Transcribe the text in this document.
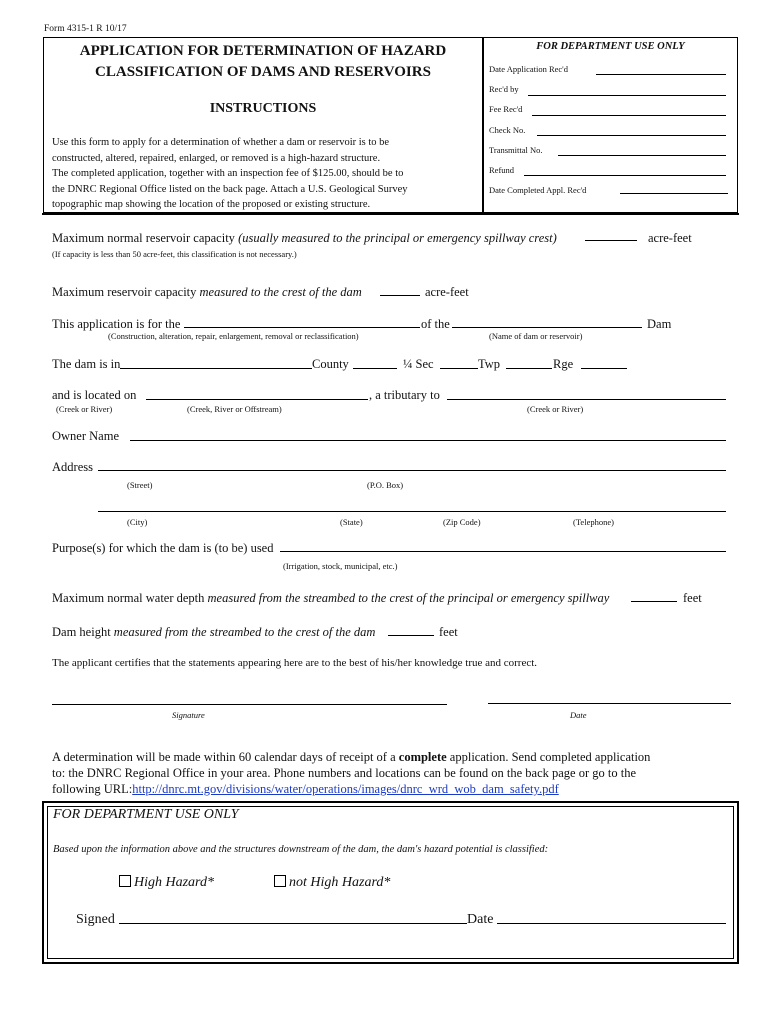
Form 4315-1 R 10/17
APPLICATION FOR DETERMINATION OF HAZARD
CLASSIFICATION OF DAMS AND RESERVOIRS
INSTRUCTIONS
Use this form to apply for a determination of whether a dam or reservoir is to be
constructed, altered, repaired, enlarged, or removed is a high-hazard structure.
The completed application, together with an inspection fee of $125.00, should be to
the DNRC Regional Office listed on the back page. Attach a U.S. Geological Survey
topographic map showing the location of the proposed or existing structure.
FOR DEPARTMENT USE ONLY
Date Application Rec'd
Rec'd by
Fee Rec'd
Check No.
Transmittal No.
Refund
Date Completed Appl. Rec'd
Maximum normal reservoir capacity (usually measured to the principal or emergency spillway crest)	acre-feet
(If capacity is less than 50 acre-feet, this classification is not necessary.)
Maximum reservoir capacity measured to the crest of the dam	acre-feet
This application is for the	of the	Dam
(Construction, alteration, repair, enlargement, removal or reclassification)	(Name of dam or reservoir)
The dam is in	County	¼ Sec	Twp	Rge
and is located on	, a tributary to
(Creek or River)	(Creek, River or Offstream)	(Creek or River)
Owner Name
Address
(Street)	(P.O. Box)
(City)	(State)	(Zip Code)	(Telephone)
Purpose(s) for which the dam is (to be) used
(Irrigation, stock, municipal, etc.)
Maximum normal water depth measured from the streambed to the crest of the principal or emergency spillway	feet
Dam height measured from the streambed to the crest of the dam	feet
The applicant certifies that the statements appearing here are to the best of his/her knowledge true and correct.
Signature	Date
A determination will be made within 60 calendar days of receipt of a complete application. Send completed application
to: the DNRC Regional Office in your area. Phone numbers and locations can be found on the back page or go to the
following URL:http://dnrc.mt.gov/divisions/water/operations/images/dnrc_wrd_wob_dam_safety.pdf
FOR DEPARTMENT USE ONLY
Based upon the information above and the structures downstream of the dam, the dam's hazard potential is classified:
High Hazard*	not High Hazard*
Signed	Date
